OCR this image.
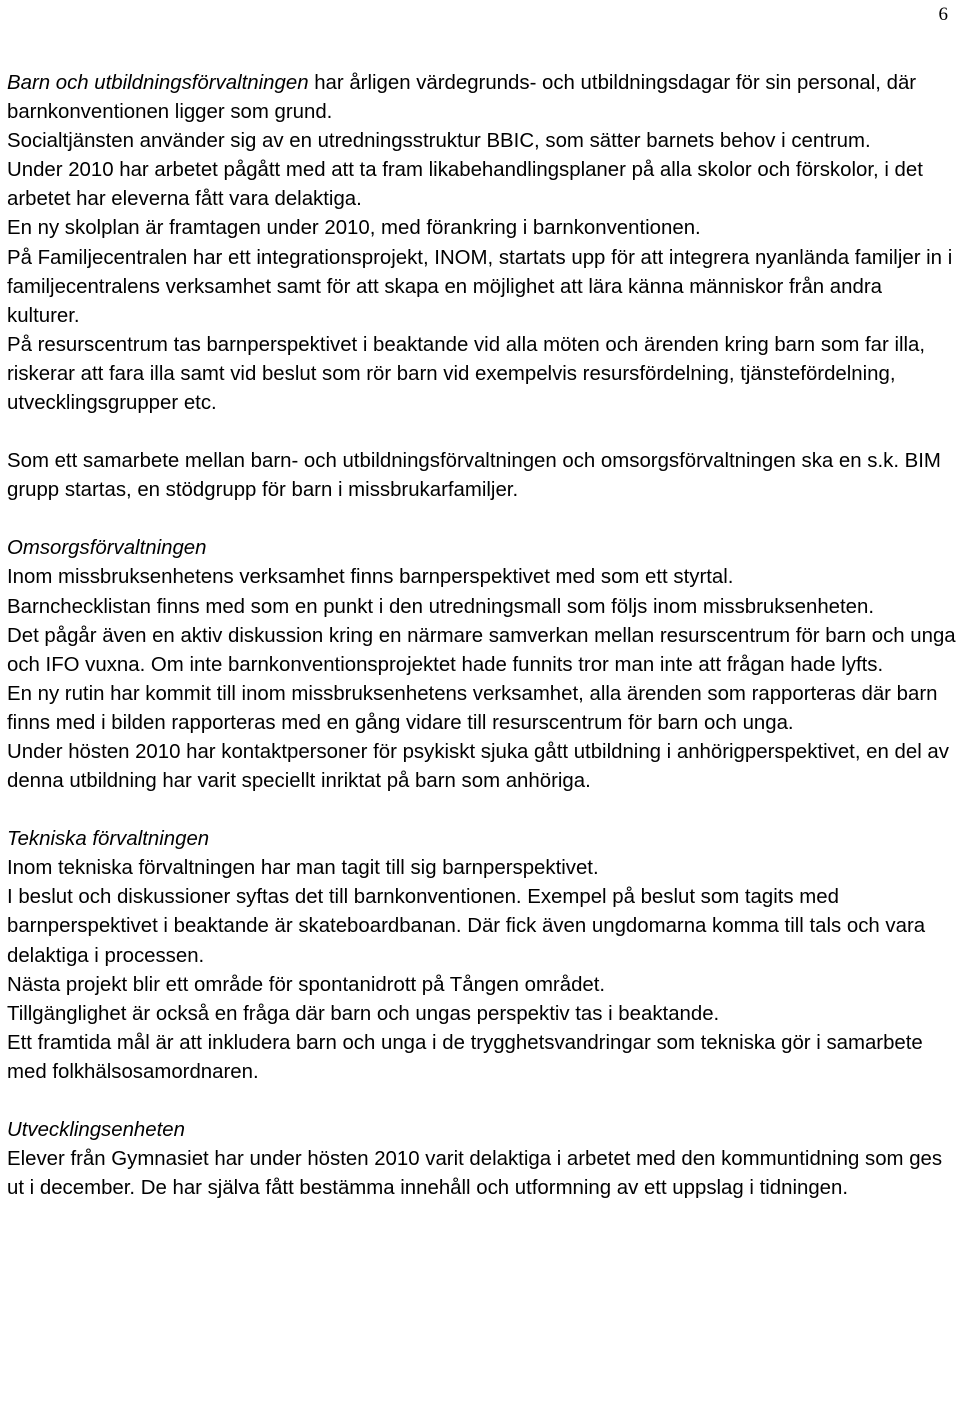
6

Barn och utbildningsförvaltningen har årligen värdegrunds- och utbildningsdagar för sin personal, där barnkonventionen ligger som grund.

Socialtjänsten använder sig av en utredningsstruktur BBIC, som sätter barnets behov i centrum.

Under 2010 har arbetet pågått med att ta fram likabehandlingsplaner på alla skolor och förskolor, i det arbetet har eleverna fått vara delaktiga.

En ny skolplan är framtagen under 2010, med förankring i barnkonventionen.

På Familjecentralen har ett integrationsprojekt, INOM, startats upp för att integrera nyanlända familjer in i familjecentralens verksamhet samt för att skapa en möjlighet att lära känna människor från andra kulturer.

På resurscentrum tas barnperspektivet i beaktande vid alla möten och ärenden kring barn som far illa, riskerar att fara illa samt vid beslut som rör barn vid exempelvis resursfördelning, tjänstefördelning, utvecklingsgrupper etc.

Som ett samarbete mellan barn- och utbildningsförvaltningen och omsorgsförvaltningen ska en s.k. BIM grupp startas, en stödgrupp för barn i missbrukarfamiljer.

Omsorgsförvaltningen

Inom missbruksenhetens verksamhet finns barnperspektivet med som ett styrtal.

Barnchecklistan finns med som en punkt i den utredningsmall som följs inom missbruksenheten.

Det pågår även en aktiv diskussion kring en närmare samverkan mellan resurscentrum för barn och unga och IFO vuxna. Om inte barnkonventionsprojektet hade funnits tror man inte att frågan hade lyfts.

En ny rutin har kommit till inom missbruksenhetens verksamhet, alla ärenden som rapporteras där barn finns med i bilden rapporteras med en gång vidare till resurscentrum för barn och unga.

Under hösten 2010 har kontaktpersoner för psykiskt sjuka gått utbildning i anhörigperspektivet, en del av denna utbildning har varit speciellt inriktat på barn som anhöriga.

Tekniska förvaltningen

Inom tekniska förvaltningen har man tagit till sig barnperspektivet.

I beslut och diskussioner syftas det till barnkonventionen. Exempel på beslut som tagits med barnperspektivet i beaktande är skateboardbanan. Där fick även ungdomarna komma till tals och vara delaktiga i processen.

Nästa projekt blir ett område för spontanidrott på Tången området.

Tillgänglighet är också en fråga där barn och ungas perspektiv tas i beaktande.

Ett framtida mål är att inkludera barn och unga i de trygghetsvandringar som tekniska gör i samarbete med folkhälsosamordnaren.

Utvecklingsenheten

Elever från Gymnasiet har under hösten 2010 varit delaktiga i arbetet med den kommuntidning som ges ut i december. De har själva fått bestämma innehåll och utformning av ett uppslag i tidningen.
